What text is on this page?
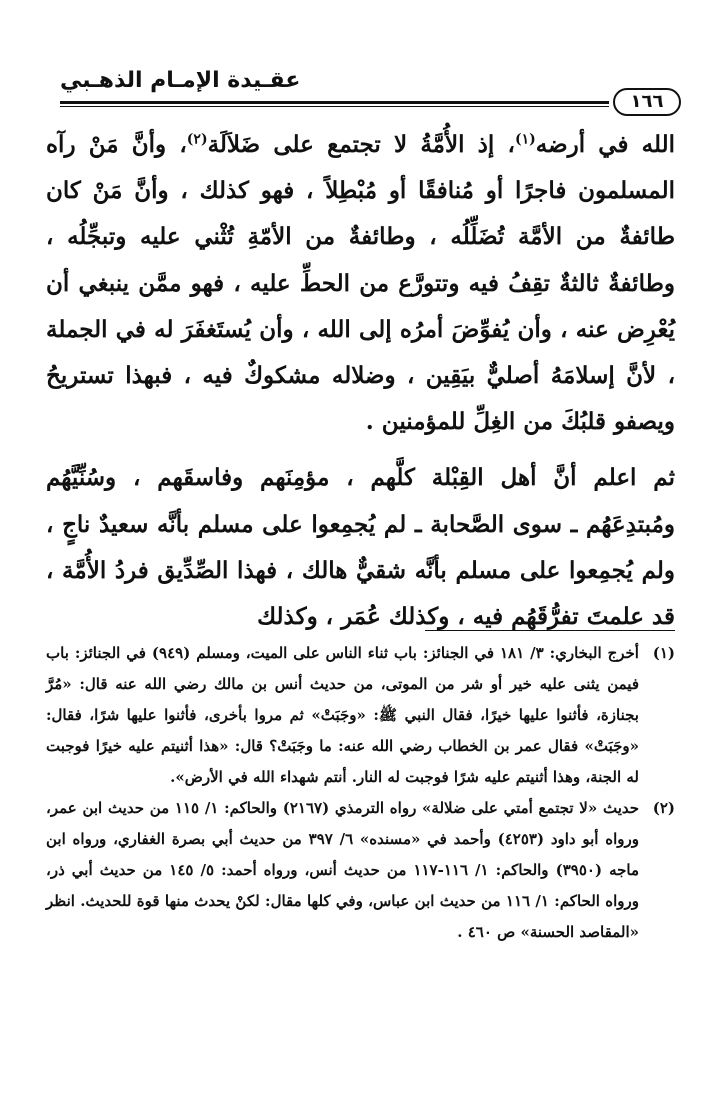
عقـيدة الإمـام الذهـبي
١٦٦

الله في أرضه$^{(١)}$، إذ الأُمَّةُ لا تجتمع على ضَلاَلَة$^{(٢)}$، وأنَّ مَنْ رآه المسلمون فاجرًا أو مُنافقًا أو مُبْطِلاً ، فهو كذلك ، وأنَّ مَنْ كان طائفةٌ من الأمَّة تُضَلِّلُه ، وطائفةٌ من الأمّةِ تُثْني عليه وتبجِّلُه ، وطائفةٌ ثالثةٌ تقِفُ فيه وتتورَّع من الحطِّ عليه ، فهو ممَّن ينبغي أن يُعْرِض عنه ، وأن يُفوِّضَ أمرُه إلى الله ، وأن يُستَغفَرَ له في الجملة ، لأنَّ إسلامَهُ أصليٌّ بيَقِين ، وضلاله مشكوكٌ فيه ، فبهذا تستريحُ ويصفو قلبُكَ من الغِلِّ للمؤمنين .

ثم اعلم أنَّ أهل القِبْلة كلَّهم ، مؤمِنَهم وفاسقَهم ، وسُنِّيَّهُم ومُبتدِعَهُم ـ سوى الصَّحابة ـ لم يُجمِعوا على مسلم بأنَّه سعيدٌ ناجٍ ، ولم يُجمِعوا على مسلم بأنَّه شقيٌّ هالك ، فهذا الصِّدِّيق فردُ الأُمَّة ، قد علمتَ تفرُّقَهُم فيه ، وكذلك عُمَر ، وكذلك

(١)
أخرج البخاري: ٣/ ١٨١ في الجنائز: باب ثناء الناس على الميت، ومسلم (٩٤٩) في الجنائز: باب فيمن يثنى عليه خير أو شر من الموتى، من حديث أنس بن مالك رضي الله عنه قال: «مُرَّ بجنازة، فأثنوا عليها خيرًا، فقال النبي ﷺ: «وجَبَتْ» ثم مروا بأخرى، فأثنوا عليها شرًا، فقال: «وجَبَتْ» فقال عمر بن الخطاب رضي الله عنه: ما وجَبَتْ؟ قال: «هذا أثنيتم عليه خيرًا فوجبت له الجنة، وهذا أثنيتم عليه شرًا فوجبت له النار. أنتم شهداء الله في الأرض».

(٢)
حديث «لا تجتمع أمتي على ضلالة» رواه الترمذي (٢١٦٧) والحاكم: ١/ ١١٥ من حديث ابن عمر، ورواه أبو داود (٤٢٥٣) وأحمد في «مسنده» ٦/ ٣٩٧ من حديث أبي بصرة الغفاري، ورواه ابن ماجه (٣٩٥٠) والحاكم: ١/ ١١٦-١١٧ من حديث أنس، ورواه أحمد: ٥/ ١٤٥ من حديث أبي ذر، ورواه الحاكم: ١/ ١١٦ من حديث ابن عباس، وفي كلها مقال: لكنْ يحدث منها قوة للحديث. انظر «المقاصد الحسنة» ص ٤٦٠ .
